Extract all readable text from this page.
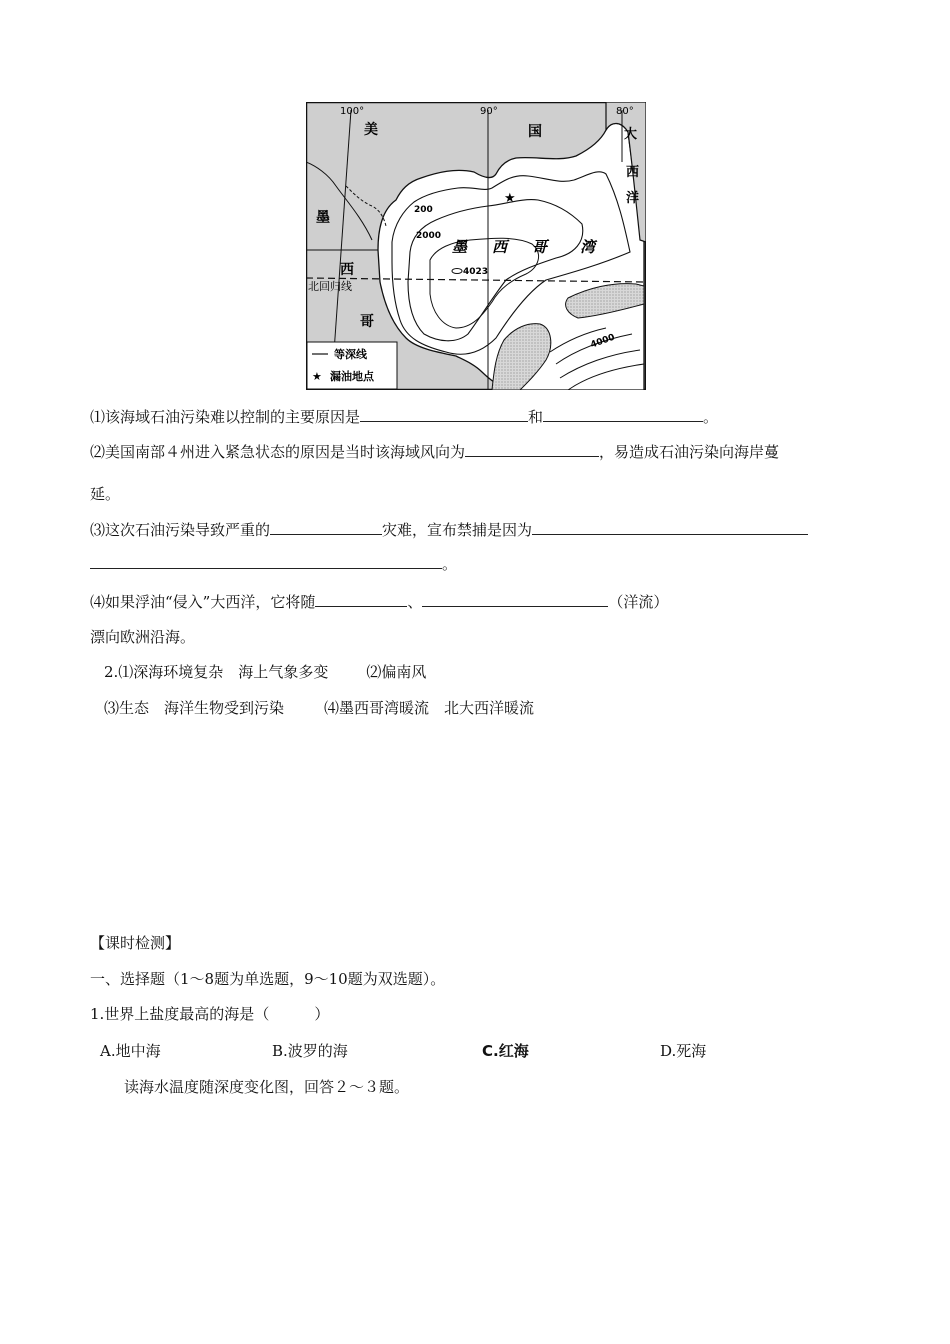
100°	90°	80°
美	国
墨
西
哥
大
西
洋
墨 西 哥 湾
北回归线
200
2000
4023
4000
★
等深线
★ 漏油地点
⑴该海域石油污染难以控制的主要原因是	和	。
⑵美国南部４州进入紧急状态的原因是当时该海域风向为	，易造成石油污染向海岸蔓
延。
⑶这次石油污染导致严重的	灾难，宣布禁捕是因为
。
⑷如果浮油“侵入”大西洋，它将随	、	（洋流）
漂向欧洲沿海。
2.⑴深海环境复杂　海上气象多变	⑵偏南风
⑶生态　海洋生物受到污染	⑷墨西哥湾暖流　北大西洋暖流
【课时检测】
一、选择题（1～8题为单选题，9～10题为双选题）。
1.世界上盐度最高的海是（　　　）
A.地中海	B.波罗的海	C.红海	D.死海
读海水温度随深度变化图，回答２～３题。
